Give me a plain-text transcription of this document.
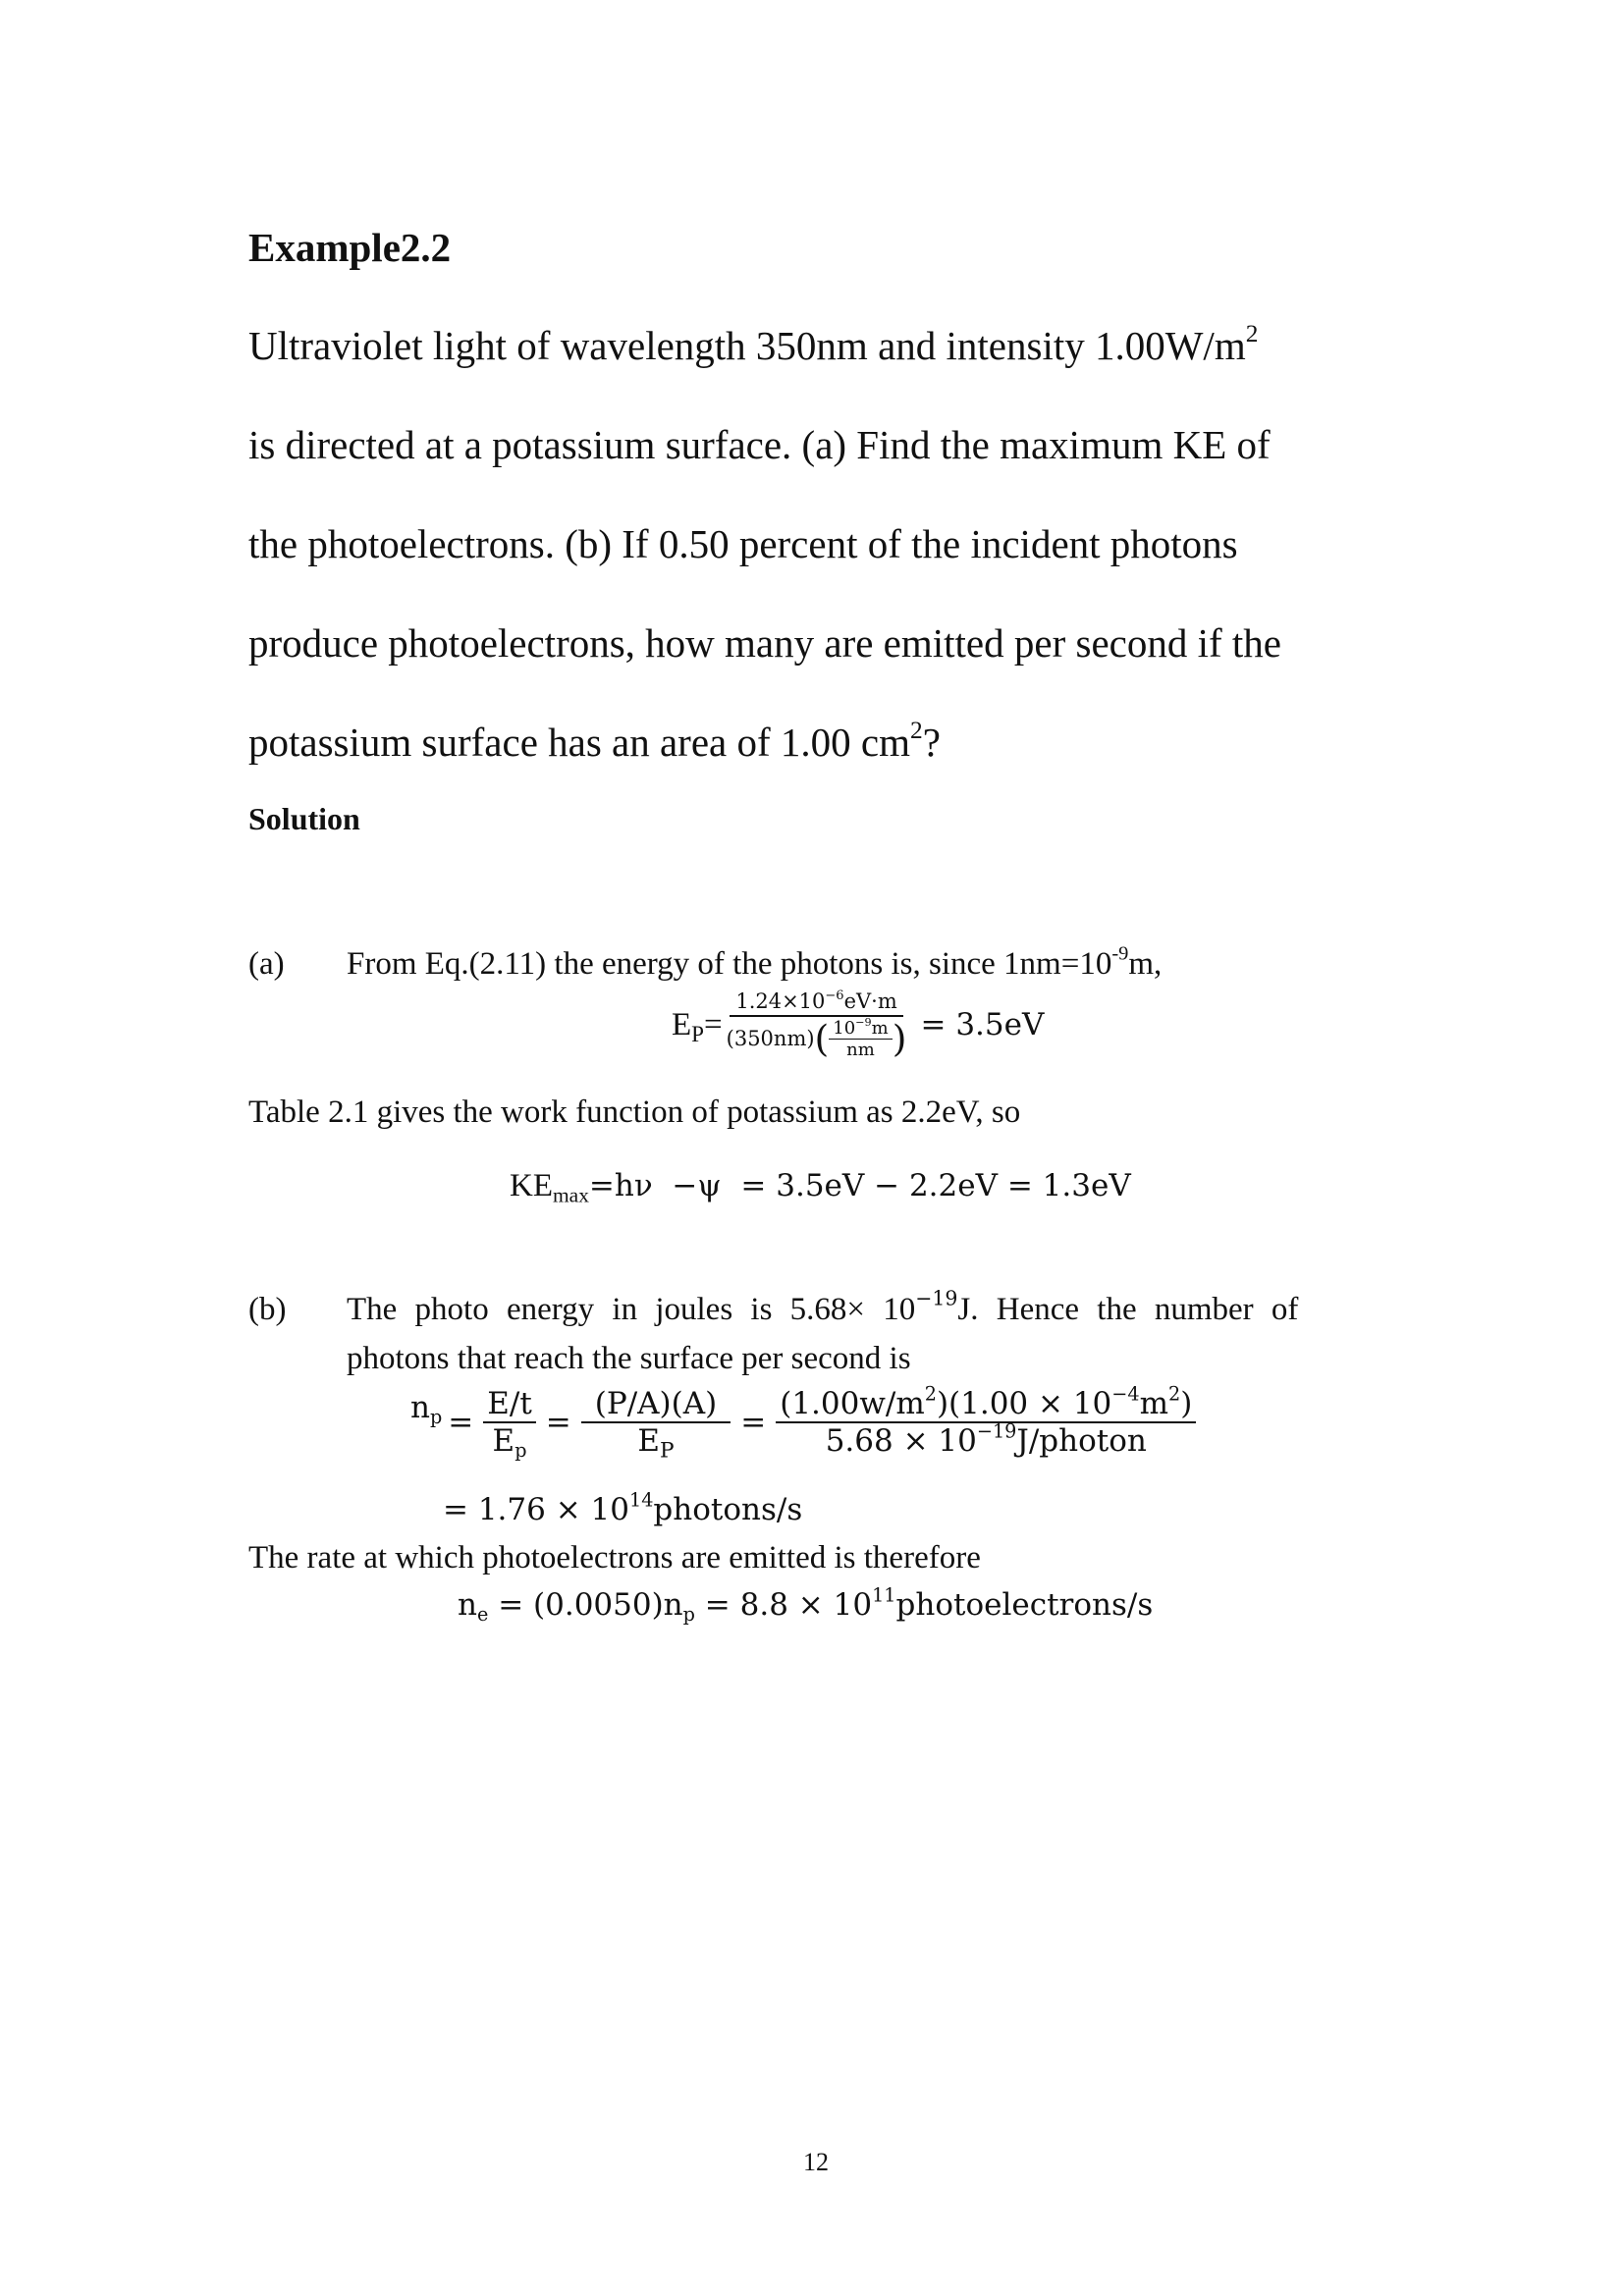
Example2.2
Ultraviolet light of wavelength 350nm and intensity $1.00W/m^2$
is directed at a potassium surface. (a) Find the maximum KE of
the photoelectrons. (b) If 0.50 percent of the incident photons
produce photoelectrons, how many are emitted per second if the
potassium surface has an area of 1.00 $cm^2$?
Solution
(a) From Eq.(2.11) the energy of the photons is, since $1nm=10^{-9}m$,
$E_P= \frac{1.24\times 10^{-6}eV\cdot m}{(350nm) ( \frac{10^{-9}m}{nm} )} = 3.5eV$
Table 2.1 gives the work function of potassium as 2.2eV, so
$KE_{max}=h\nu -\psi = 3.5eV - 2.2eV = 1.3eV$
(b) The photo energy in joules is $5.68\times 10^{-19}J$. Hence the number of
photons that reach the surface per second is
$n_p = \frac{E/t}{E_p} = \frac{(P/A)(A)}{E_P} = \frac{(1.00w/m^2)(1.00 \times 10^{-4}m^2)}{5.68 \times 10^{-19}J/photon}$
= $1.76 \times 10^{14}photons/s$
The rate at which photoelectrons are emitted is therefore
$n_e = (0.0050)n_p = 8.8$ × $10^{11}photoelectrons/s$
12
